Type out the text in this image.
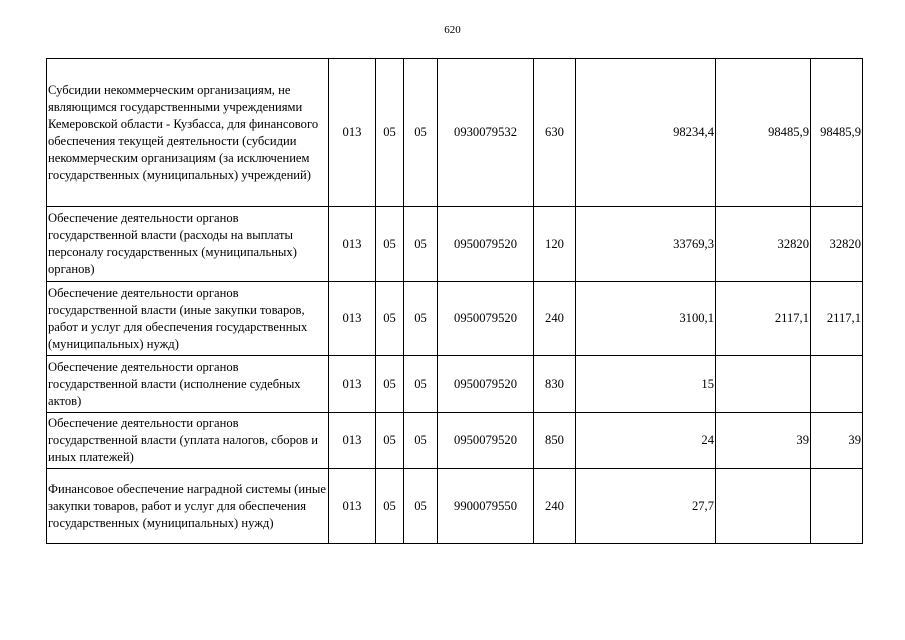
620
Субсидии некоммерческим организациям, не являющимся государственными учреждениями Кемеровской области - Кузбасса, для финансового обеспечения текущей деятельности (субсидии некоммерческим организациям (за исключением государственных (муниципальных) учреждений)	013	05	05	0930079532	630	98234,4	98485,9	98485,9
Обеспечение деятельности органов государственной власти (расходы на выплаты персоналу государственных (муниципальных) органов)	013	05	05	0950079520	120	33769,3	32820	32820
Обеспечение деятельности органов государственной власти (иные закупки товаров, работ и услуг для обеспечения государственных (муниципальных) нужд)	013	05	05	0950079520	240	3100,1	2117,1	2117,1
Обеспечение деятельности органов государственной власти (исполнение судебных актов)	013	05	05	0950079520	830	15		
Обеспечение деятельности органов государственной власти (уплата налогов, сборов и иных платежей)	013	05	05	0950079520	850	24	39	39
Финансовое обеспечение наградной системы (иные закупки товаров, работ и услуг для обеспечения государственных (муниципальных) нужд)	013	05	05	9900079550	240	27,7		
